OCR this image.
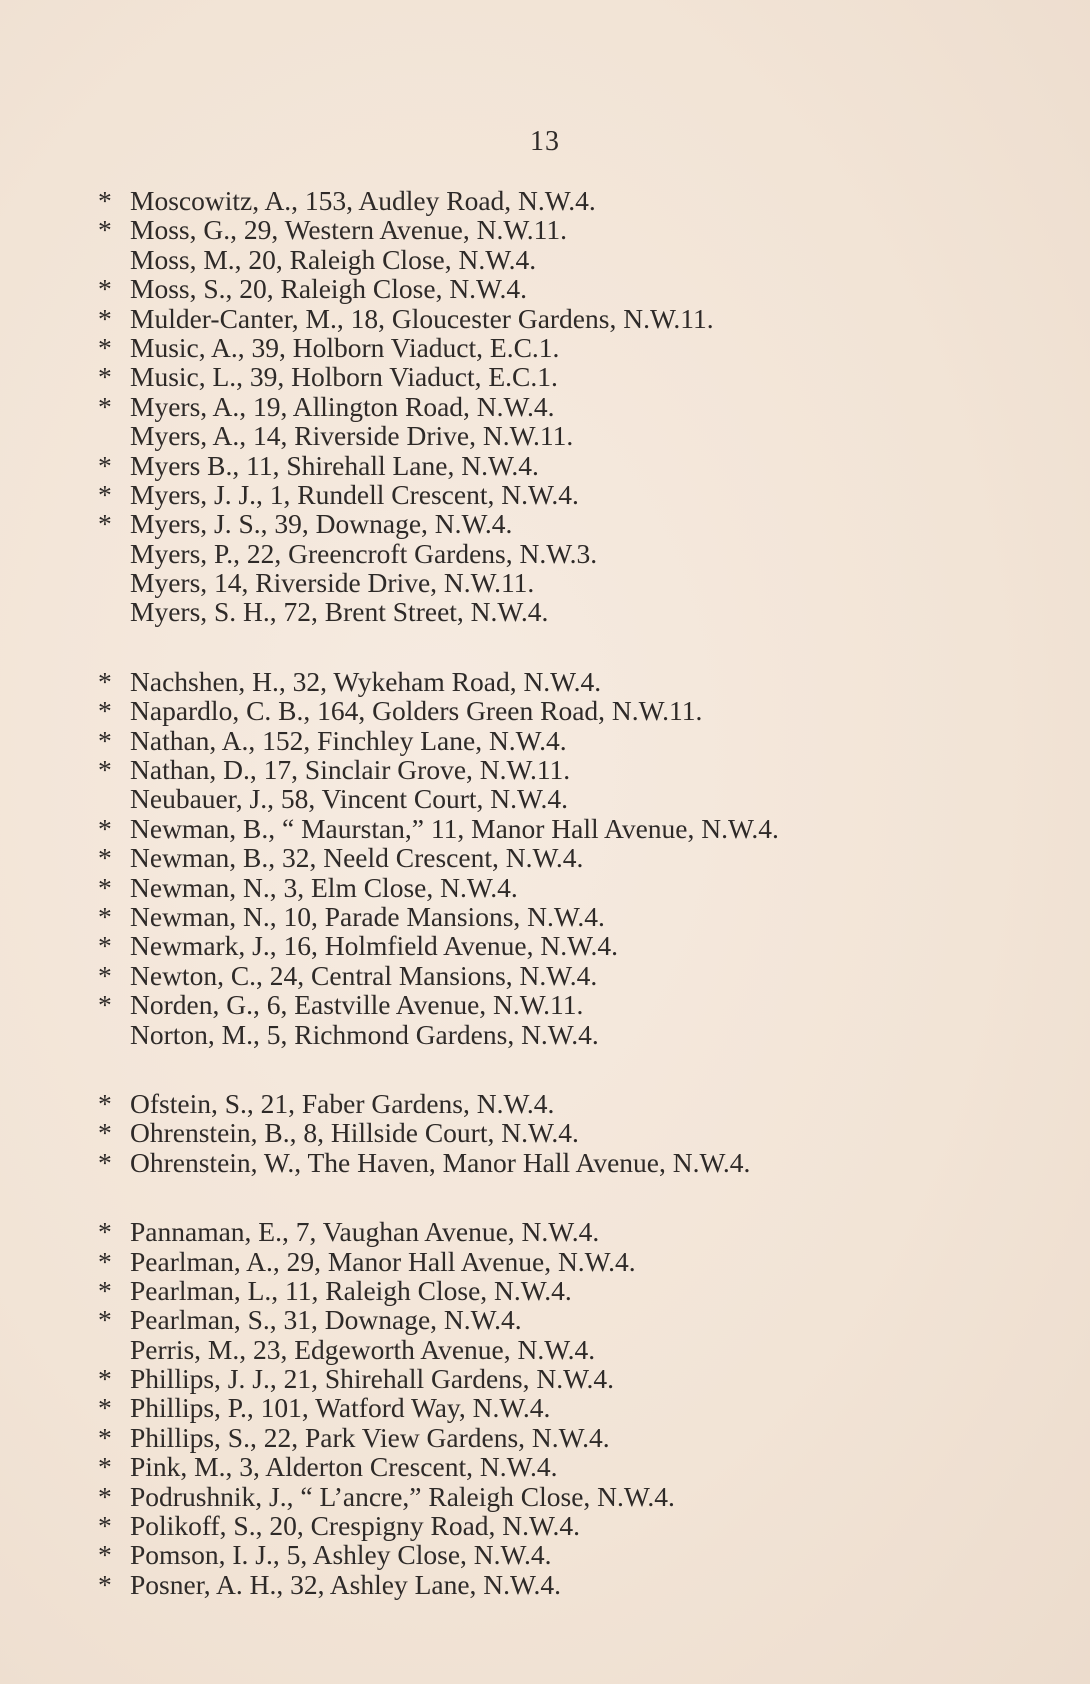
13
* Moscowitz, A., 153, Audley Road, N.W.4.
* Moss, G., 29, Western Avenue, N.W.11.
Moss, M., 20, Raleigh Close, N.W.4.
* Moss, S., 20, Raleigh Close, N.W.4.
* Mulder-Canter, M., 18, Gloucester Gardens, N.W.11.
* Music, A., 39, Holborn Viaduct, E.C.1.
* Music, L., 39, Holborn Viaduct, E.C.1.
* Myers, A., 19, Allington Road, N.W.4.
Myers, A., 14, Riverside Drive, N.W.11.
* Myers B., 11, Shirehall Lane, N.W.4.
* Myers, J. J., 1, Rundell Crescent, N.W.4.
* Myers, J. S., 39, Downage, N.W.4.
Myers, P., 22, Greencroft Gardens, N.W.3.
Myers, 14, Riverside Drive, N.W.11.
Myers, S. H., 72, Brent Street, N.W.4.
* Nachshen, H., 32, Wykeham Road, N.W.4.
* Napardlo, C. B., 164, Golders Green Road, N.W.11.
* Nathan, A., 152, Finchley Lane, N.W.4.
* Nathan, D., 17, Sinclair Grove, N.W.11.
Neubauer, J., 58, Vincent Court, N.W.4.
* Newman, B., “ Maurstan,” 11, Manor Hall Avenue, N.W.4.
* Newman, B., 32, Neeld Crescent, N.W.4.
* Newman, N., 3, Elm Close, N.W.4.
* Newman, N., 10, Parade Mansions, N.W.4.
* Newmark, J., 16, Holmfield Avenue, N.W.4.
* Newton, C., 24, Central Mansions, N.W.4.
* Norden, G., 6, Eastville Avenue, N.W.11.
Norton, M., 5, Richmond Gardens, N.W.4.
* Ofstein, S., 21, Faber Gardens, N.W.4.
* Ohrenstein, B., 8, Hillside Court, N.W.4.
* Ohrenstein, W., The Haven, Manor Hall Avenue, N.W.4.
* Pannaman, E., 7, Vaughan Avenue, N.W.4.
* Pearlman, A., 29, Manor Hall Avenue, N.W.4.
* Pearlman, L., 11, Raleigh Close, N.W.4.
* Pearlman, S., 31, Downage, N.W.4.
Perris, M., 23, Edgeworth Avenue, N.W.4.
* Phillips, J. J., 21, Shirehall Gardens, N.W.4.
* Phillips, P., 101, Watford Way, N.W.4.
* Phillips, S., 22, Park View Gardens, N.W.4.
* Pink, M., 3, Alderton Crescent, N.W.4.
* Podrushnik, J., “ L’ancre,” Raleigh Close, N.W.4.
* Polikoff, S., 20, Crespigny Road, N.W.4.
* Pomson, I. J., 5, Ashley Close, N.W.4.
* Posner, A. H., 32, Ashley Lane, N.W.4.
